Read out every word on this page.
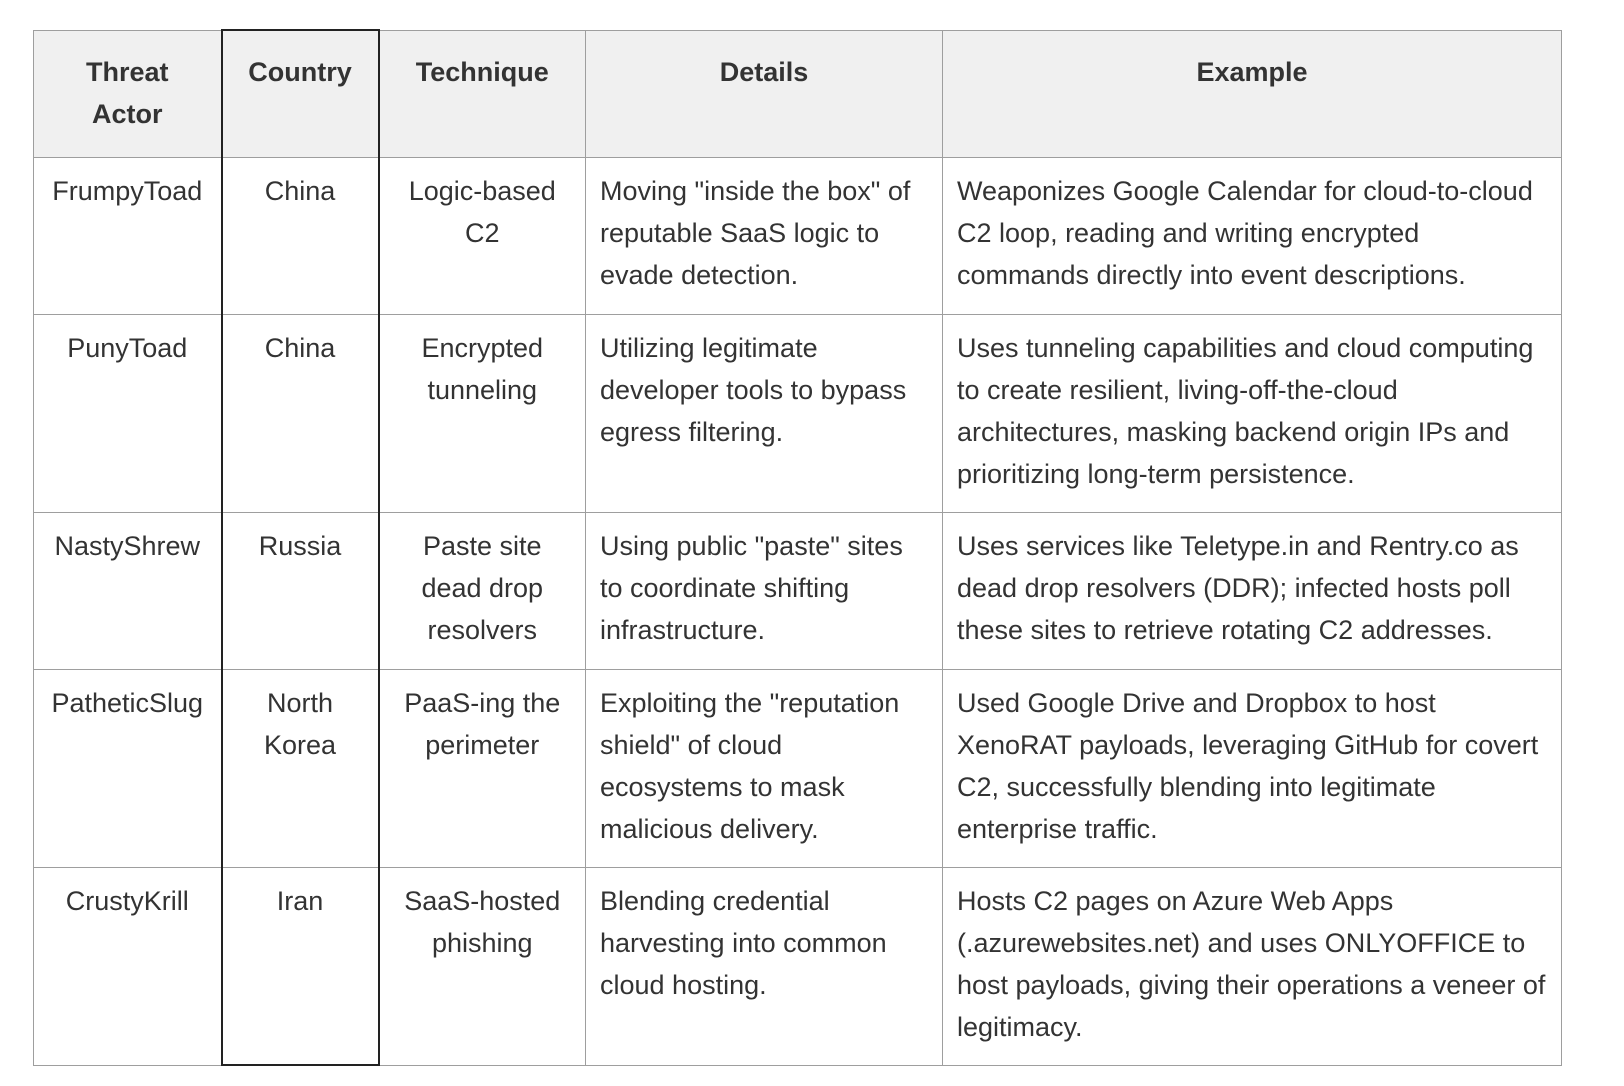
Threat Actor	Country	Technique	Details	Example
FrumpyToad	China	Logic-based C2	Moving "inside the box" of reputable SaaS logic to evade detection.	Weaponizes Google Calendar for cloud-to-cloud C2 loop, reading and writing encrypted commands directly into event descriptions.
PunyToad	China	Encrypted tunneling	Utilizing legitimate developer tools to bypass egress filtering.	Uses tunneling capabilities and cloud computing to create resilient, living-off-the-cloud architectures, masking backend origin IPs and prioritizing long-term persistence.
NastyShrew	Russia	Paste site dead drop resolvers	Using public "paste" sites to coordinate shifting infrastructure.	Uses services like Teletype.in and Rentry.co as dead drop resolvers (DDR); infected hosts poll these sites to retrieve rotating C2 addresses.
PatheticSlug	North Korea	PaaS-ing the perimeter	Exploiting the "reputation shield" of cloud ecosystems to mask malicious delivery.	Used Google Drive and Dropbox to host XenoRAT payloads, leveraging GitHub for covert C2, successfully blending into legitimate enterprise traffic.
CrustyKrill	Iran	SaaS-hosted phishing	Blending credential harvesting into common cloud hosting.	Hosts C2 pages on Azure Web Apps (.azurewebsites.net) and uses ONLYOFFICE to host payloads, giving their operations a veneer of legitimacy.
